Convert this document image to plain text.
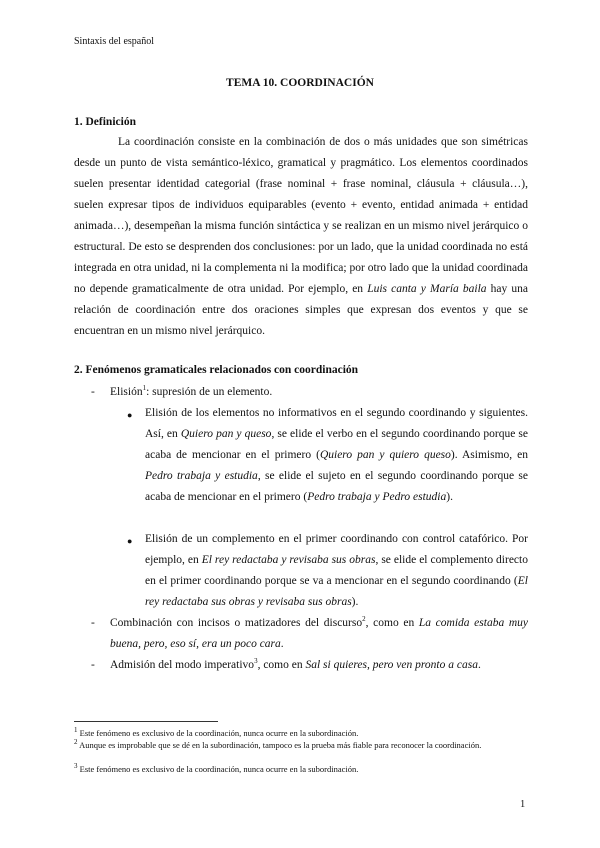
Sintaxis del español
TEMA 10. COORDINACIÓN
1. Definición

La coordinación consiste en la combinación de dos o más unidades que son simétricas desde un punto de vista semántico-léxico, gramatical y pragmático. Los elementos coordinados suelen presentar identidad categorial (frase nominal + frase nominal, cláusula + cláusula…), suelen expresar tipos de individuos equiparables (evento + evento, entidad animada + entidad animada…), desempeñan la misma función sintáctica y se realizan en un mismo nivel jerárquico o estructural. De esto se desprenden dos conclusiones: por un lado, que la unidad coordinada no está integrada en otra unidad, ni la complementa ni la modifica; por otro lado que la unidad coordinada no depende gramaticalmente de otra unidad. Por ejemplo, en Luis canta y María baila hay una relación de coordinación entre dos oraciones simples que expresan dos eventos y que se encuentran en un mismo nivel jerárquico.

2. Fenómenos gramaticales relacionados con coordinación
- Elisión$^1$: supresión de un elemento.

● Elisión de los elementos no informativos en el segundo coordinando y siguientes. Así, en Quiero pan y queso, se elide el verbo en el segundo coordinando porque se acaba de mencionar en el primero (Quiero pan y quiero queso). Asimismo, en Pedro trabaja y estudia, se elide el sujeto en el segundo coordinando porque se acaba de mencionar en el primero (Pedro trabaja y Pedro estudia).

● Elisión de un complemento en el primer coordinando con control catafórico. Por ejemplo, en El rey redactaba y revisaba sus obras, se elide el complemento directo en el primer coordinando porque se va a mencionar en el segundo coordinando (El rey redactaba sus obras y revisaba sus obras).

- Combinación con incisos o matizadores del discurso$^2$, como en La comida estaba muy buena, pero, eso sí, era un poco cara.

- Admisión del modo imperativo$^3$, como en Sal si quieres, pero ven pronto a casa.

$^1$ Este fenómeno es exclusivo de la coordinación, nunca ocurre en la subordinación.

$^2$ Aunque es improbable que se dé en la subordinación, tampoco es la prueba más fiable para reconocer la coordinación.

$^3$ Este fenómeno es exclusivo de la coordinación, nunca ocurre en la subordinación.

1
